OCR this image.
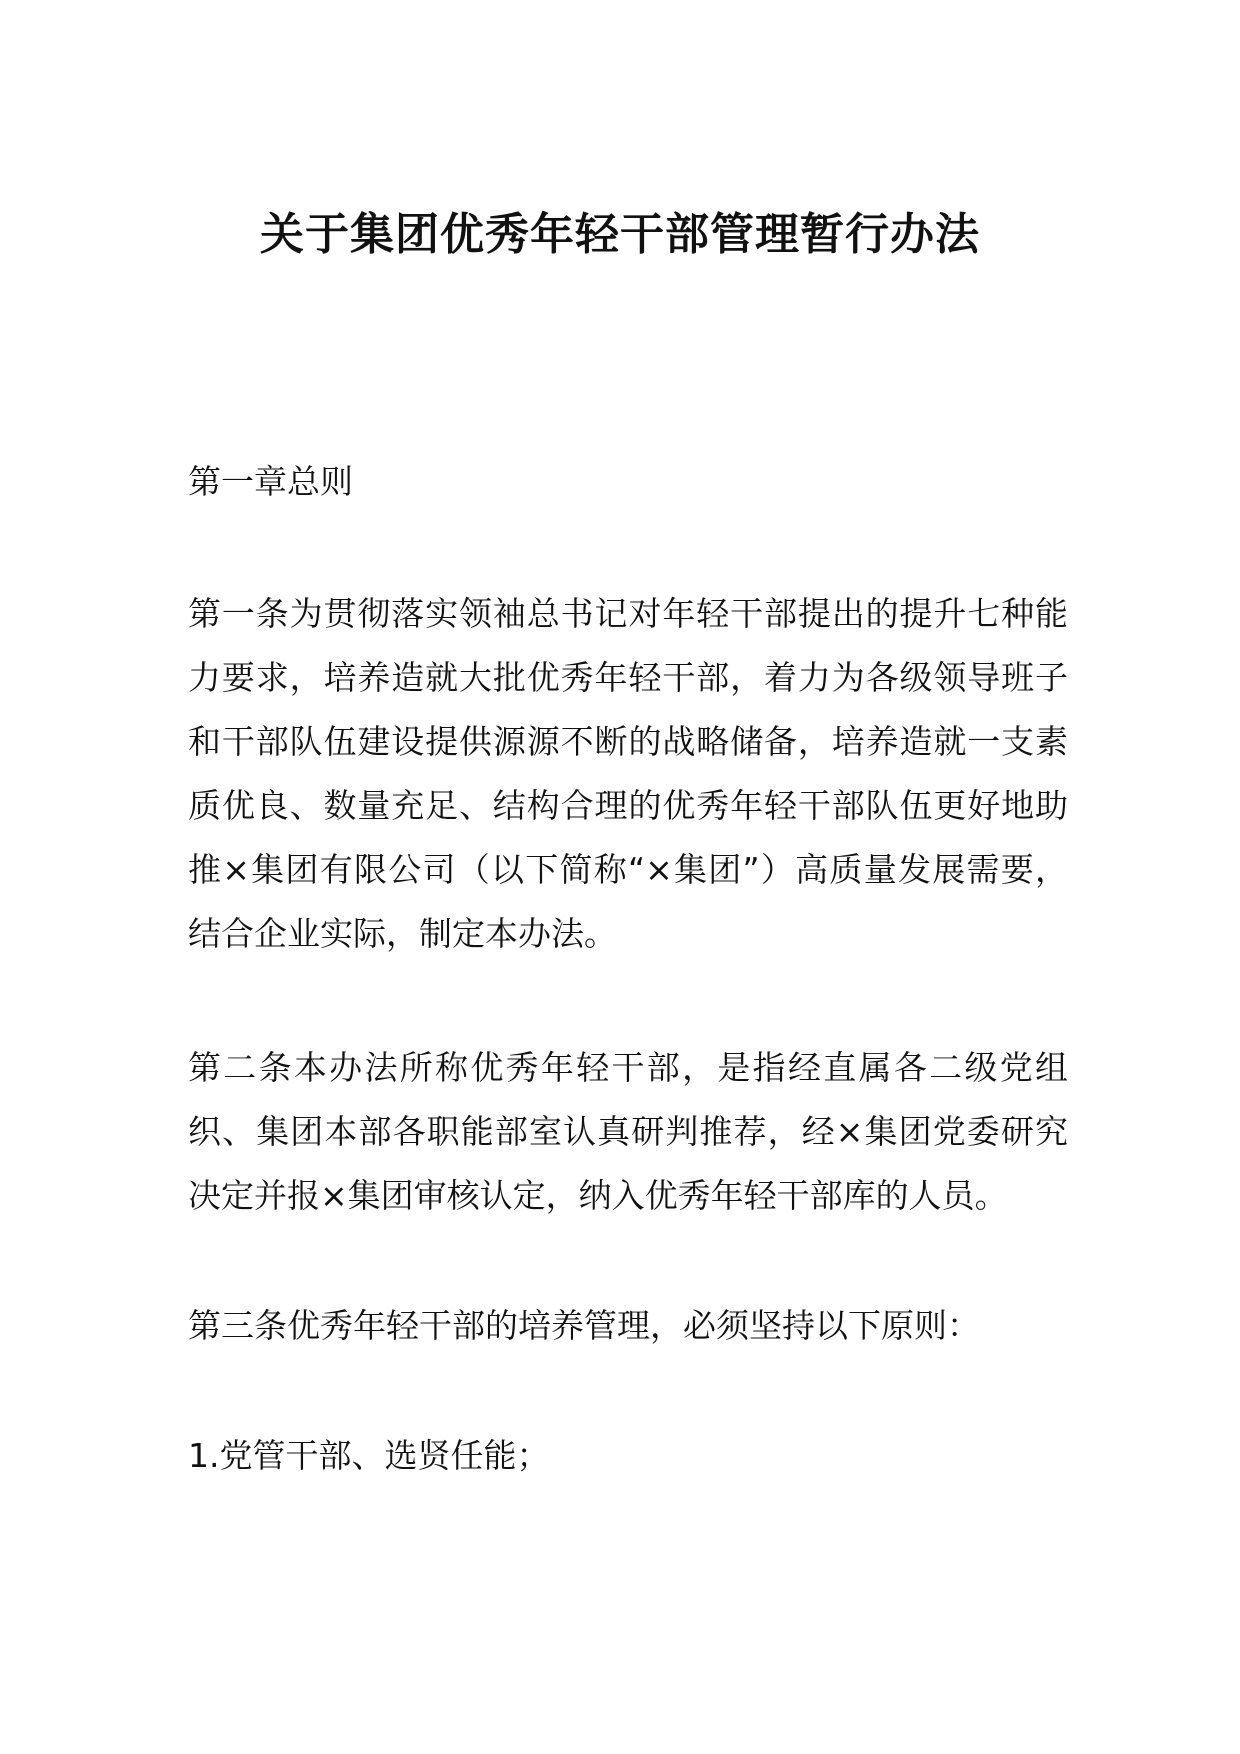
关于集团优秀年轻干部管理暂行办法

第一章总则

第一条为贯彻落实领袖总书记对年轻干部提出的提升七种能力要求，培养造就大批优秀年轻干部，着力为各级领导班子和干部队伍建设提供源源不断的战略储备，培养造就一支素质优良、数量充足、结构合理的优秀年轻干部队伍更好地助推×集团有限公司（以下简称“×集团”）高质量发展需要，结合企业实际，制定本办法。

第二条本办法所称优秀年轻干部，是指经直属各二级党组织、集团本部各职能部室认真研判推荐，经×集团党委研究决定并报×集团审核认定，纳入优秀年轻干部库的人员。

第三条优秀年轻干部的培养管理，必须坚持以下原则：

1.党管干部、选贤任能；
